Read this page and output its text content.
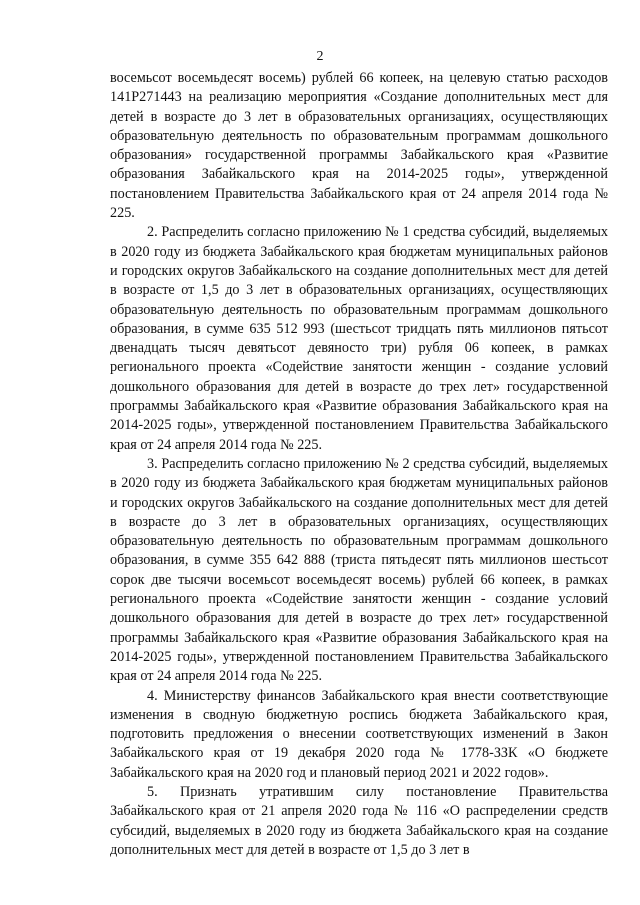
2

восемьсот восемьдесят восемь) рублей 66 копеек, на целевую статью расходов 141P271443 на реализацию мероприятия «Создание дополнительных мест для детей в возрасте до 3 лет в образовательных организациях, осуществляющих образовательную деятельность по образовательным программам дошкольного образования» государственной программы Забайкальского края «Развитие образования Забайкальского края на 2014-2025 годы», утвержденной постановлением Правительства Забайкальского края от 24 апреля 2014 года № 225.

2. Распределить согласно приложению № 1 средства субсидий, выделяемых в 2020 году из бюджета Забайкальского края бюджетам муниципальных районов и городских округов Забайкальского на создание дополнительных мест для детей в возрасте от 1,5 до 3 лет в образовательных организациях, осуществляющих образовательную деятельность по образовательным программам дошкольного образования, в сумме 635 512 993 (шестьсот тридцать пять миллионов пятьсот двенадцать тысяч девятьсот девяносто три) рубля 06 копеек, в рамках регионального проекта «Содействие занятости женщин - создание условий дошкольного образования для детей в возрасте до трех лет» государственной программы Забайкальского края «Развитие образования Забайкальского края на 2014-2025 годы», утвержденной постановлением Правительства Забайкальского края от 24 апреля 2014 года № 225.

3. Распределить согласно приложению № 2 средства субсидий, выделяемых в 2020 году из бюджета Забайкальского края бюджетам муниципальных районов и городских округов Забайкальского на создание дополнительных мест для детей в возрасте до 3 лет в образовательных организациях, осуществляющих образовательную деятельность по образовательным программам дошкольного образования, в сумме 355 642 888 (триста пятьдесят пять миллионов шестьсот сорок две тысячи восемьсот восемьдесят восемь) рублей 66 копеек, в рамках регионального проекта «Содействие занятости женщин - создание условий дошкольного образования для детей в возрасте до трех лет» государственной программы Забайкальского края «Развитие образования Забайкальского края на 2014-2025 годы», утвержденной постановлением Правительства Забайкальского края от 24 апреля 2014 года № 225.

4. Министерству финансов Забайкальского края внести соответствующие изменения в сводную бюджетную роспись бюджета Забайкальского края, подготовить предложения о внесении соответствующих изменений в Закон Забайкальского края от 19 декабря 2020 года № 1778-ЗЗК «О бюджете Забайкальского края на 2020 год и плановый период 2021 и 2022 годов».

5. Признать утратившим силу постановление Правительства Забайкальского края от 21 апреля 2020 года № 116 «О распределении средств субсидий, выделяемых в 2020 году из бюджета Забайкальского края на создание дополнительных мест для детей в возрасте от 1,5 до 3 лет в
